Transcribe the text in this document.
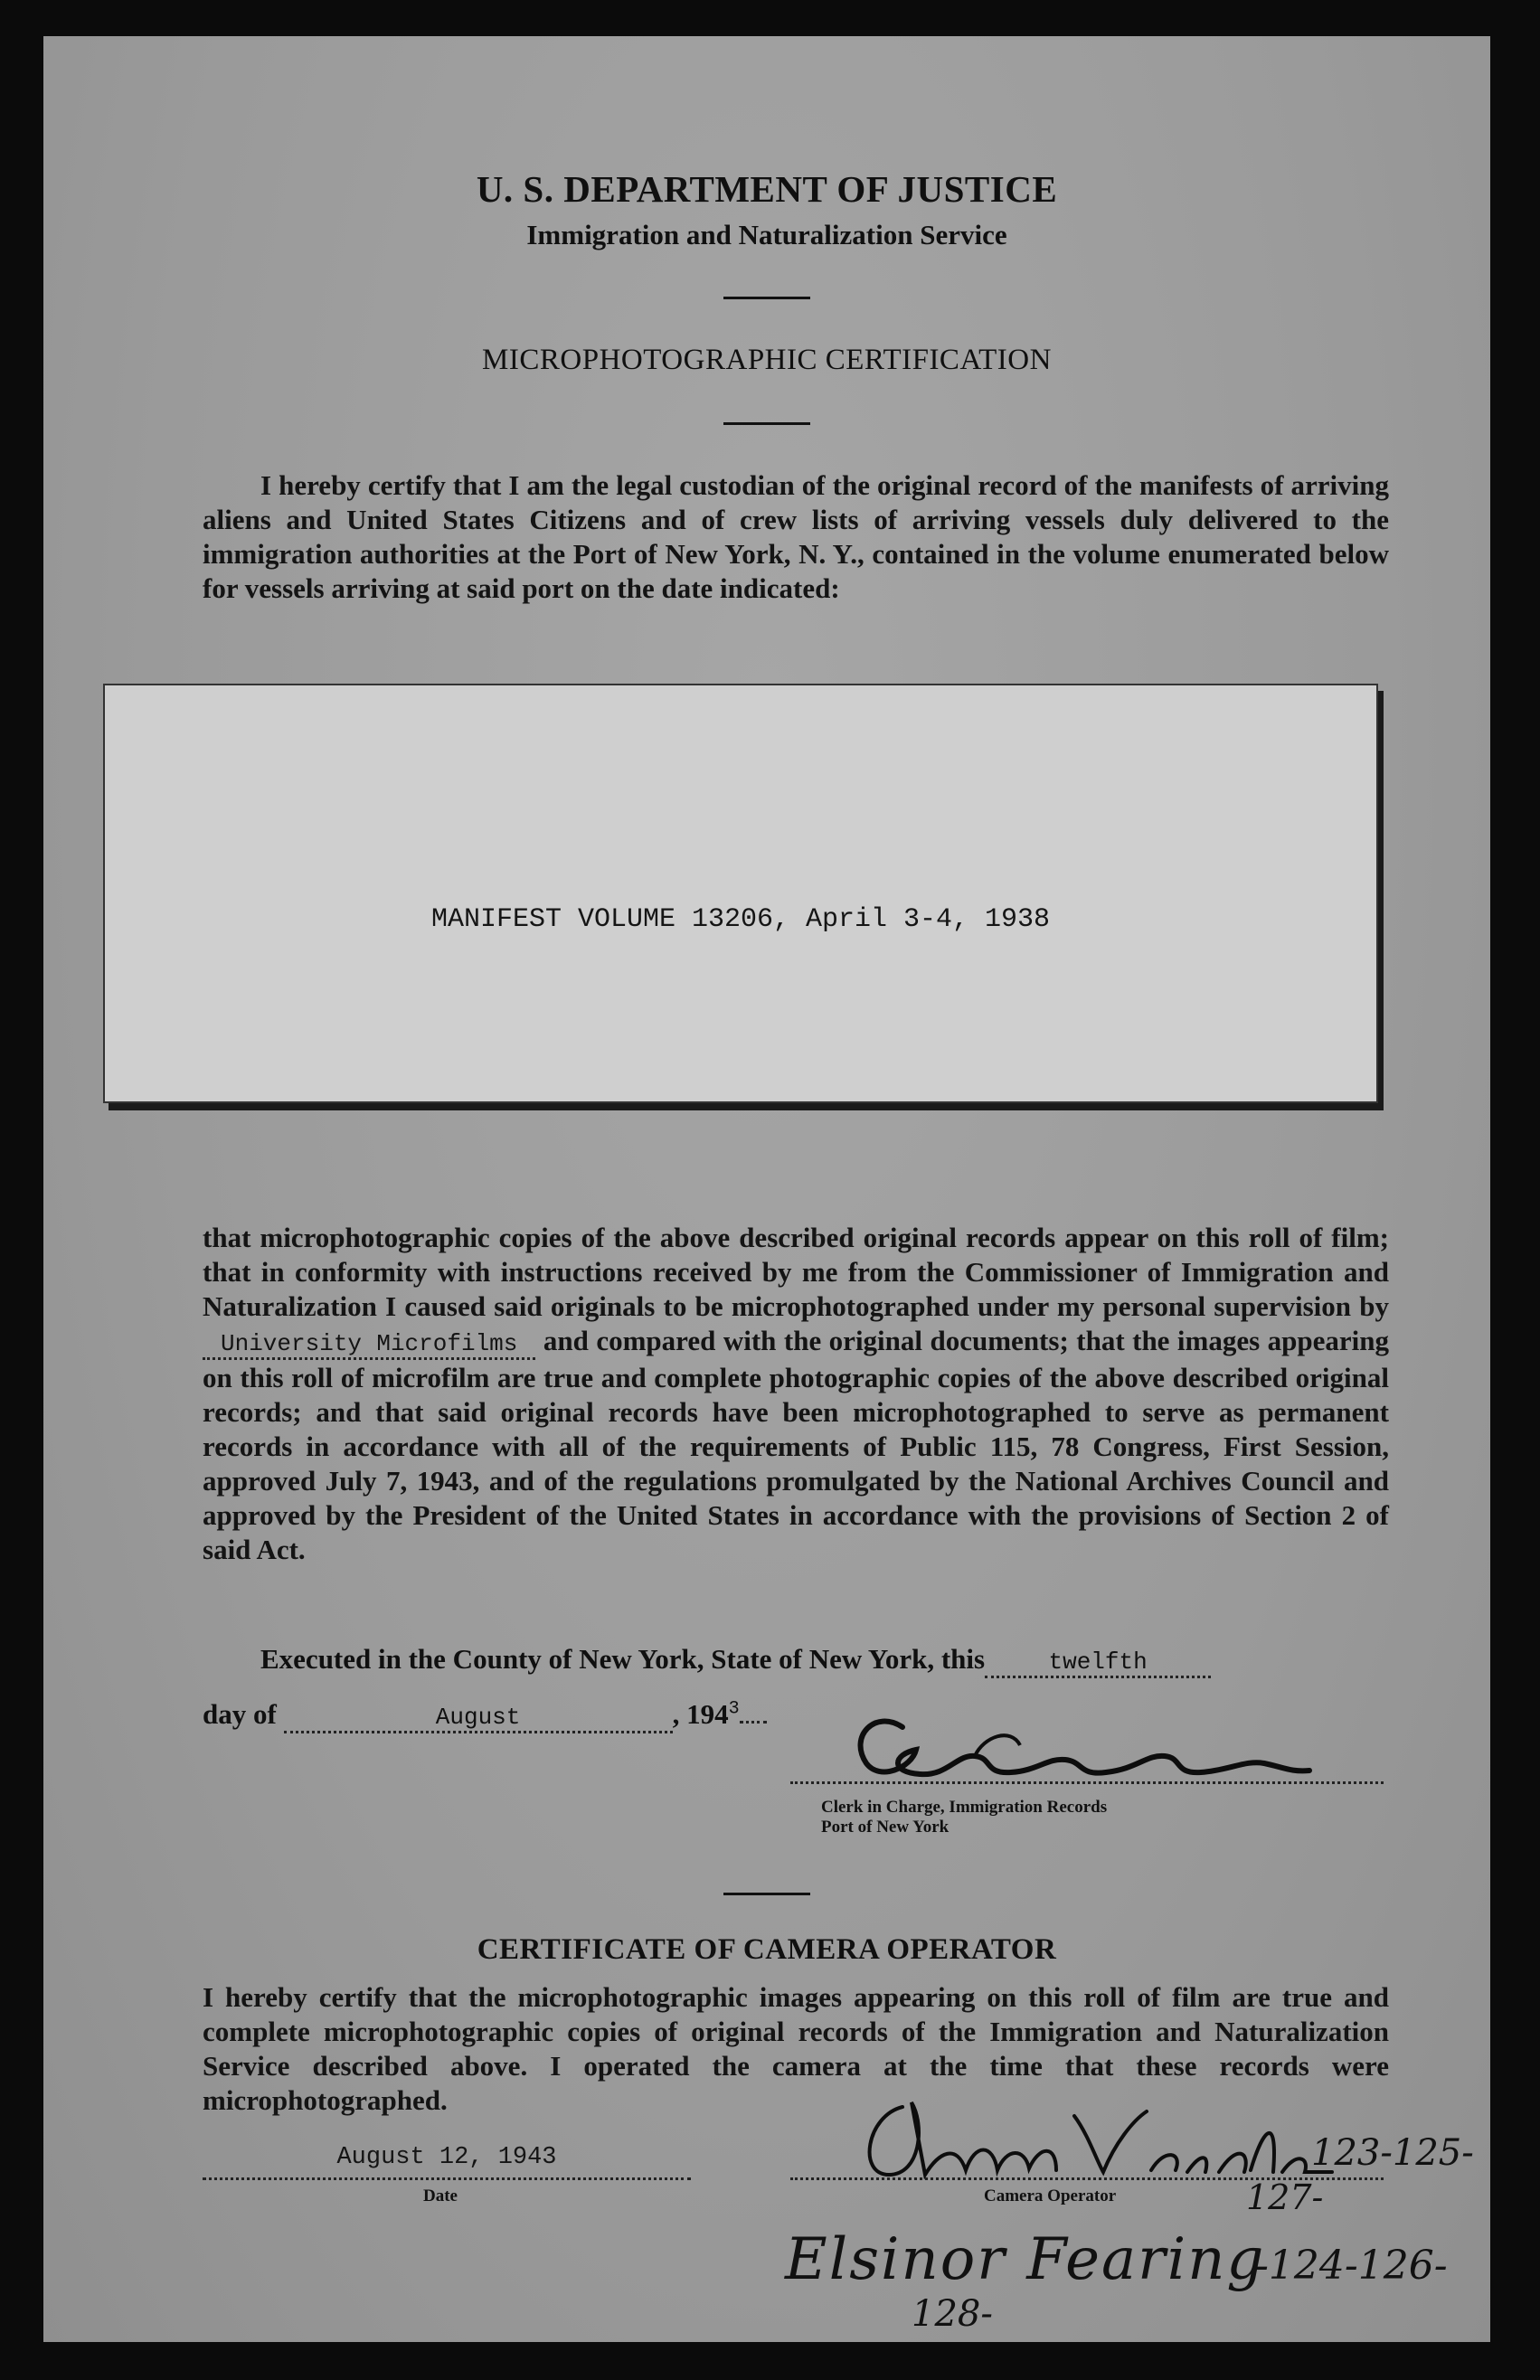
U. S. DEPARTMENT OF JUSTICE
Immigration and Naturalization Service
MICROPHOTOGRAPHIC CERTIFICATION
I hereby certify that I am the legal custodian of the original record of the manifests of arriving aliens and United States Citizens and of crew lists of arriving vessels duly delivered to the immigration authorities at the Port of New York, N. Y., contained in the volume enumerated below for vessels arriving at said port on the date indicated:
MANIFEST VOLUME 13206, April 3-4, 1938
that microphotographic copies of the above described original records appear on this roll of film; that in conformity with instructions received by me from the Commissioner of Immigration and Naturalization I caused said originals to be microphotographed under my personal supervision by University Microfilms and compared with the original documents; that the images appearing on this roll of microfilm are true and complete photographic copies of the above described original records; and that said original records have been microphotographed to serve as permanent records in accordance with all of the requirements of Public 115, 78 Congress, First Session, approved July 7, 1943, and of the regulations promulgated by the National Archives Council and approved by the President of the United States in accordance with the provisions of Section 2 of said Act.
Executed in the County of New York, State of New York, this	twelfth
day of	August	, $194^3$
Clerk in Charge, Immigration Records
Port of New York
CERTIFICATE OF CAMERA OPERATOR
I hereby certify that the microphotographic images appearing on this roll of film are true and complete microphotographic copies of original records of the Immigration and Naturalization Service described above. I operated the camera at the time that these records were microphotographed.
August 12, 1943
Date	Camera Operator
123-125-
127-
Elsinor Fearing
-124-126-
128-
